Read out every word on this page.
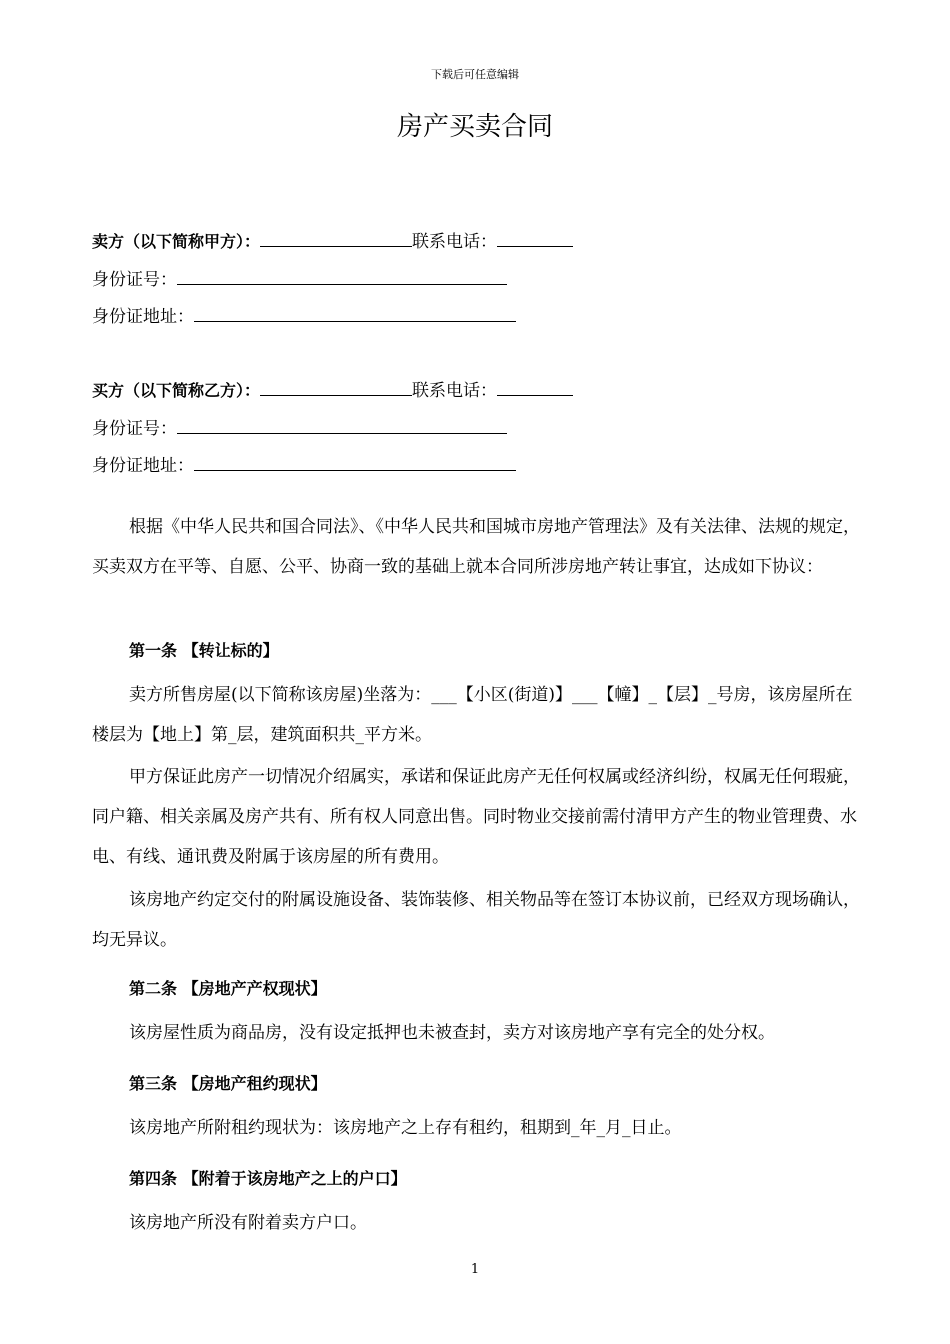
下载后可任意编辑
房产买卖合同
卖方（以下简称甲方）：	联系电话：
身份证号：
身份证地址：
买方（以下简称乙方）：	联系电话：
身份证号：
身份证地址：
根据《中华人民共和国合同法》、《中华人民共和国城市房地产管理法》及有关法律、法规的规定，买卖双方在平等、自愿、公平、协商一致的基础上就本合同所涉房地产转让事宜，达成如下协议：
第一条 【转让标的】
卖方所售房屋(以下简称该房屋)坐落为：___【小区(街道)】___【幢】_【层】_号房，该房屋所在楼层为【地上】第_层，建筑面积共_平方米。
甲方保证此房产一切情况介绍属实，承诺和保证此房产无任何权属或经济纠纷，权属无任何瑕疵，同户籍、相关亲属及房产共有、所有权人同意出售。同时物业交接前需付清甲方产生的物业管理费、水电、有线、通讯费及附属于该房屋的所有费用。
该房地产约定交付的附属设施设备、装饰装修、相关物品等在签订本协议前，已经双方现场确认，均无异议。
第二条 【房地产产权现状】
该房屋性质为商品房，没有设定抵押也未被查封，卖方对该房地产享有完全的处分权。
第三条 【房地产租约现状】
该房地产所附租约现状为：该房地产之上存有租约，租期到_年_月_日止。
第四条 【附着于该房地产之上的户口】
该房地产所没有附着卖方户口。
1
